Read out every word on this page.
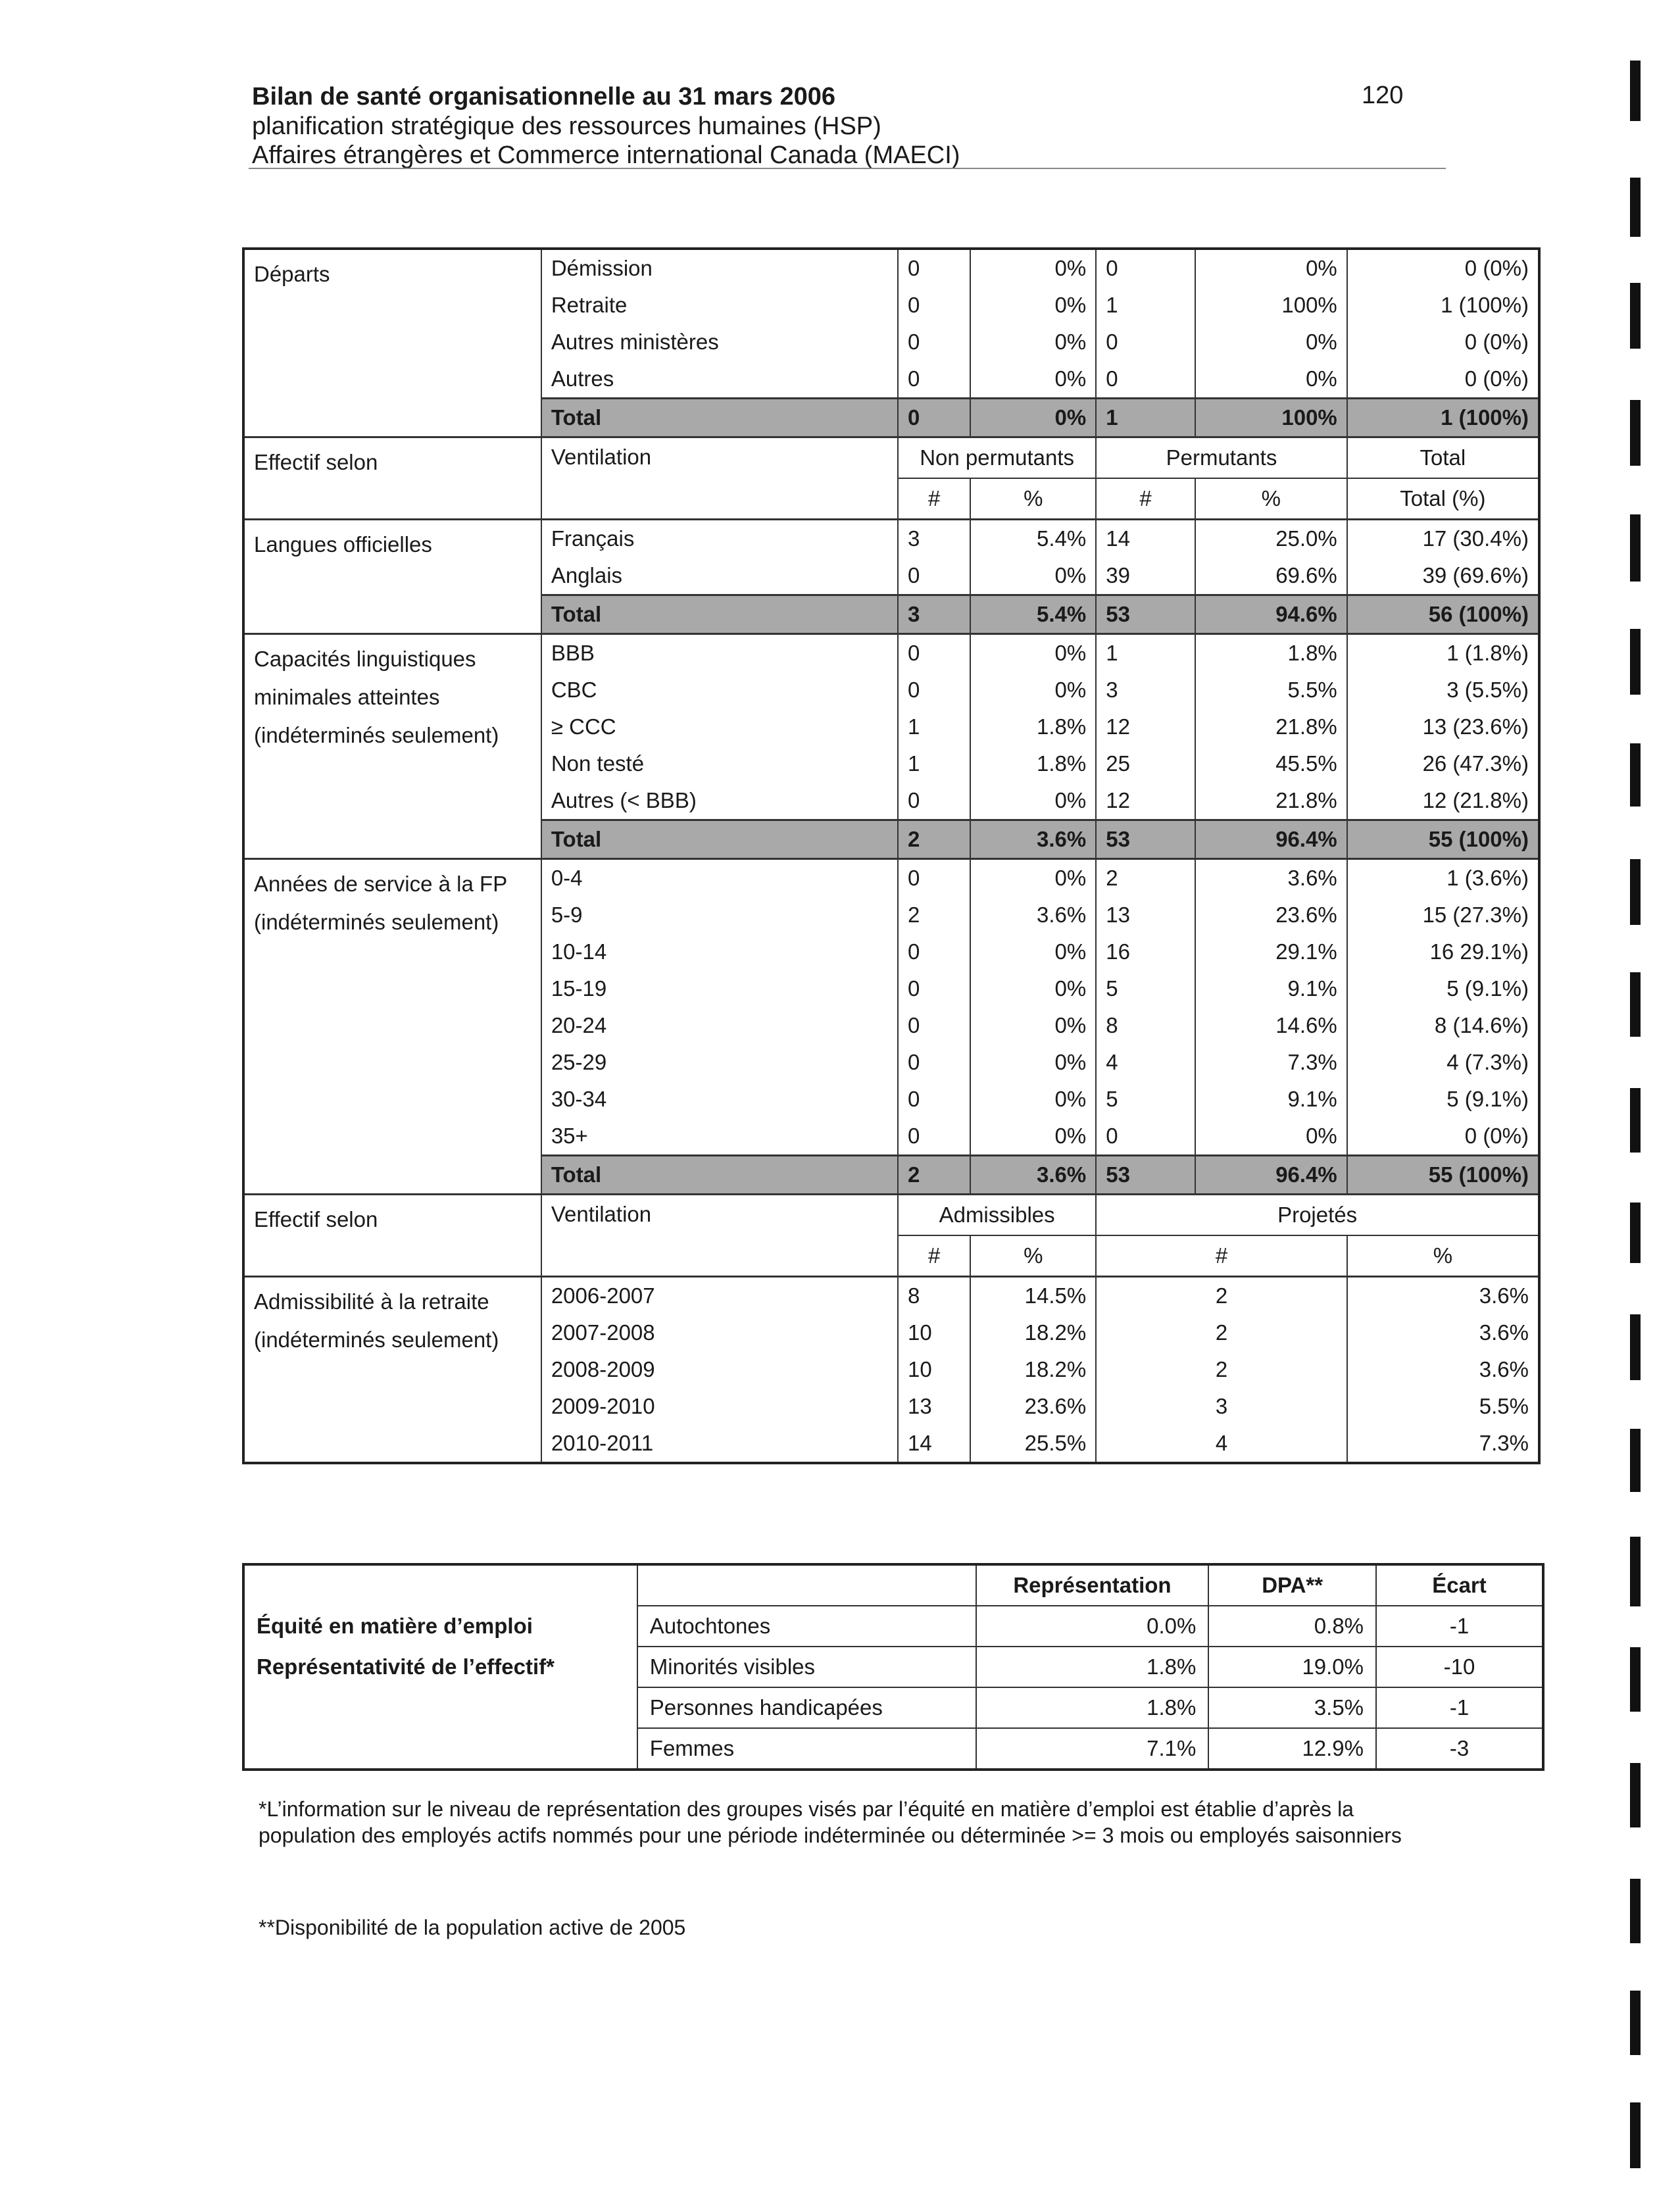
Bilan de santé organisationnelle au 31 mars 2006
planification stratégique des ressources humaines (HSP)
Affaires étrangères et Commerce international Canada (MAECI)
120
Départs	Démission	0	0%	0	0%	0 (0%)
	Retraite	0	0%	1	100%	1 (100%)
	Autres ministères	0	0%	0	0%	0 (0%)
	Autres	0	0%	0	0%	0 (0%)
	Total	0	0%	1	100%	1 (100%)
Effectif selon	Ventilation	Non permutants		Permutants		Total
		#	%	#	%	Total (%)

Langues officielles	Français	3	5.4%	14	25.0%	17 (30.4%)
	Anglais	0	0%	39	69.6%	39 (69.6%)
	Total	3	5.4%	53	94.6%	56 (100%)

Capacités linguistiques
minimales atteintes
(indéterminés seulement)	BBB	0	0%	1	1.8%	1 (1.8%)
	CBC	0	0%	3	5.5%	3 (5.5%)
	≥ CCC	1	1.8%	12	21.8%	13 (23.6%)
	Non testé	1	1.8%	25	45.5%	26 (47.3%)
	Autres (< BBB)	0	0%	12	21.8%	12 (21.8%)
	Total	2	3.6%	53	96.4%	55 (100%)

Années de service à la FP
(indéterminés seulement)	0-4	0	0%	2	3.6%	1 (3.6%)
	5-9	2	3.6%	13	23.6%	15 (27.3%)
	10-14	0	0%	16	29.1%	16 29.1%)
	15-19	0	0%	5	9.1%	5 (9.1%)
	20-24	0	0%	8	14.6%	8 (14.6%)
	25-29	0	0%	4	7.3%	4 (7.3%)
	30-34	0	0%	5	9.1%	5 (9.1%)
	35+	0	0%	0	0%	0 (0%)
	Total	2	3.6%	53	96.4%	55 (100%)
Effectif selon	Ventilation	Admissibles		Projetés		
		#	%	#		%

Admissibilité à la retraite
(indéterminés seulement)	2006-2007	8	14.5%	2		3.6%
	2007-2008	10	18.2%	2		3.6%
	2008-2009	10	18.2%	2		3.6%
	2009-2010	13	23.6%	3		5.5%
	2010-2011	14	25.5%	4		7.3%
		Représentation	DPA**	Écart
Équité en matière d’emploi	Autochtones	0.0%	0.8%	-1
Représentativité de l’effectif*	Minorités visibles	1.8%	19.0%	-10
	Personnes handicapées	1.8%	3.5%	-1
	Femmes	7.1%	12.9%	-3
*L’information sur le niveau de représentation des groupes visés par l’équité en matière d’emploi est établie d’après la population des employés actifs nommés pour une période indéterminée ou déterminée >= 3 mois ou employés saisonniers
**Disponibilité de la population active de 2005
